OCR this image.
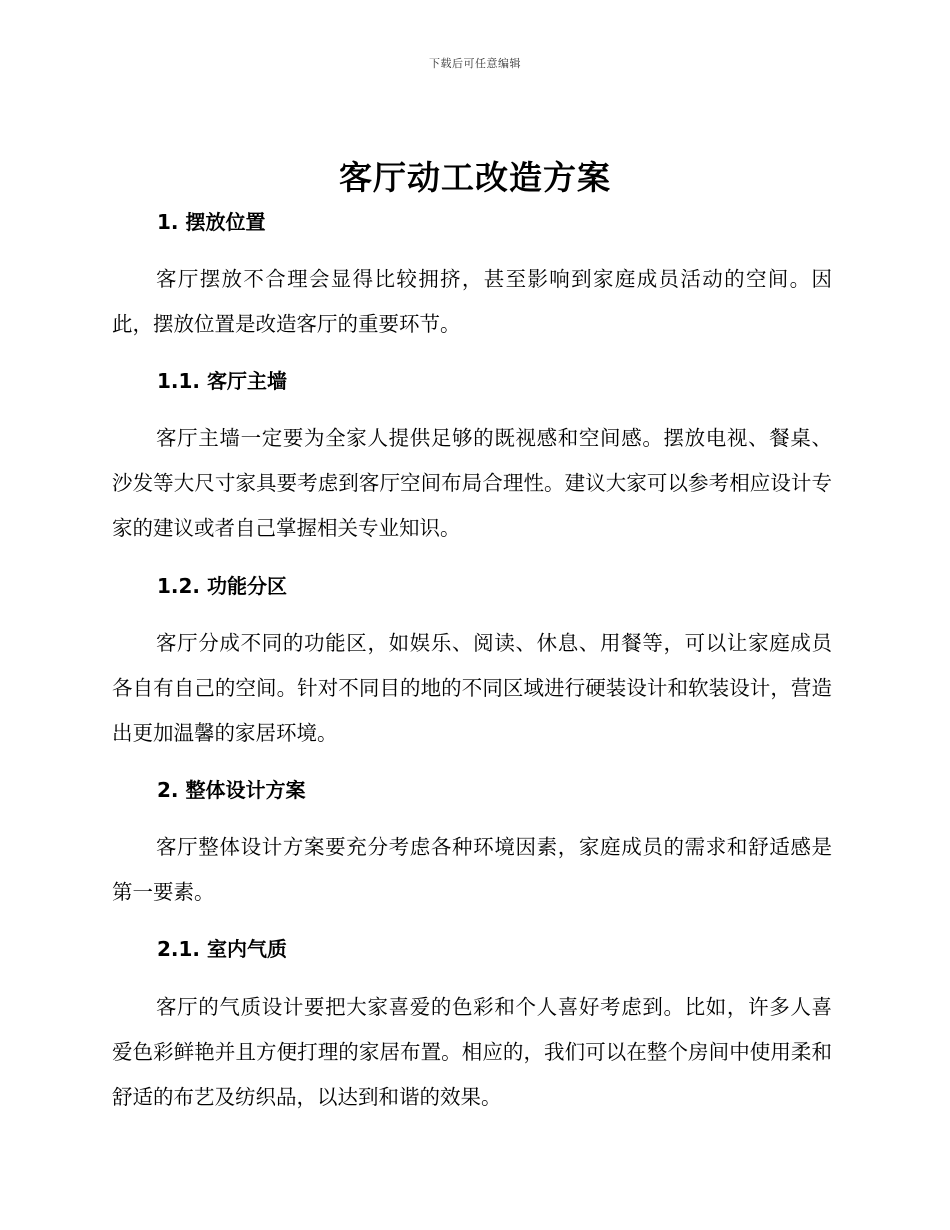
下载后可任意编辑
客厅动工改造方案
1. 摆放位置

客厅摆放不合理会显得比较拥挤，甚至影响到家庭成员活动的空间。因此，摆放位置是改造客厅的重要环节。

1.1. 客厅主墙

客厅主墙一定要为全家人提供足够的既视感和空间感。摆放电视、餐桌、沙发等大尺寸家具要考虑到客厅空间布局合理性。建议大家可以参考相应设计专家的建议或者自己掌握相关专业知识。

1.2. 功能分区

客厅分成不同的功能区，如娱乐、阅读、休息、用餐等，可以让家庭成员各自有自己的空间。针对不同目的地的不同区域进行硬装设计和软装设计，营造出更加温馨的家居环境。

2. 整体设计方案

客厅整体设计方案要充分考虑各种环境因素，家庭成员的需求和舒适感是第一要素。

2.1. 室内气质

客厅的气质设计要把大家喜爱的色彩和个人喜好考虑到。比如，许多人喜爱色彩鲜艳并且方便打理的家居布置。相应的，我们可以在整个房间中使用柔和舒适的布艺及纺织品，以达到和谐的效果。
